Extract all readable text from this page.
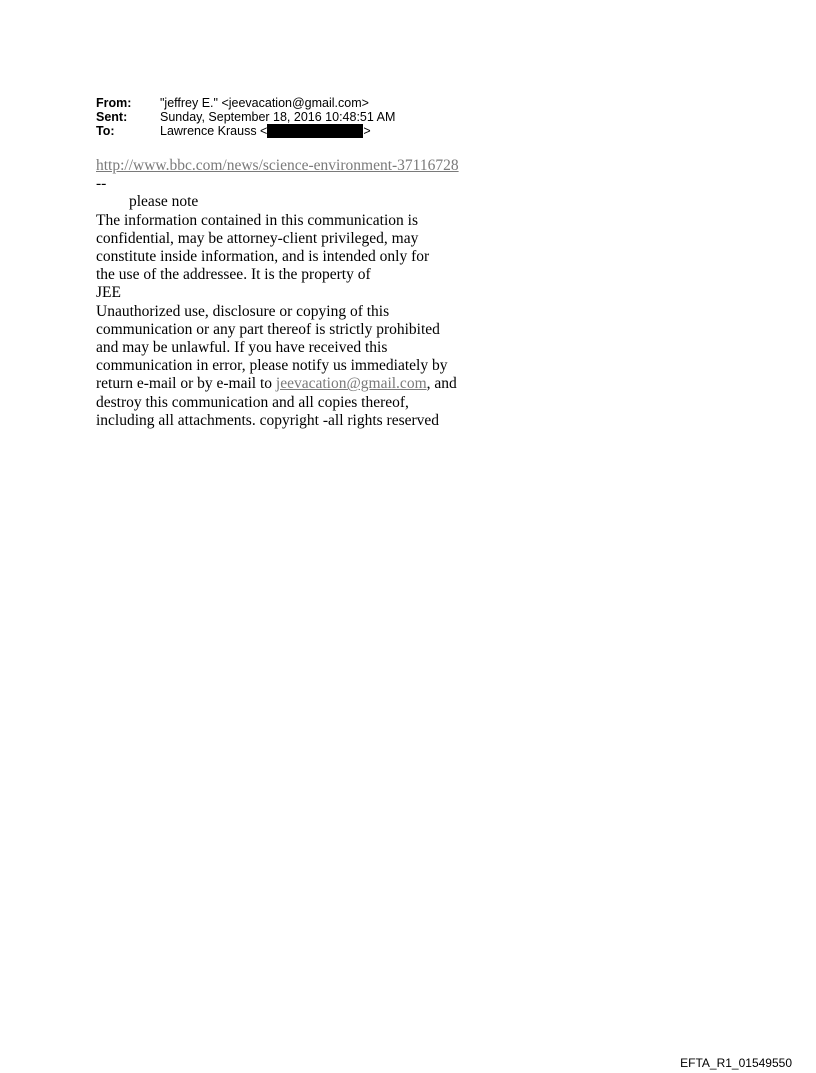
From:	"jeffrey E." <jeevacation@gmail.com>
Sent:	Sunday, September 18, 2016 10:48:51 AM
To:	Lawrence Krauss <	>
http://www.bbc.com/news/science-environment-37116728
--
please note
The information contained in this communication is
confidential, may be attorney-client privileged, may
constitute inside information, and is intended only for
the use of the addressee. It is the property of
JEE
Unauthorized use, disclosure or copying of this
communication or any part thereof is strictly prohibited
and may be unlawful. If you have received this
communication in error, please notify us immediately by
return e-mail or by e-mail to jeevacation@gmail.com, and
destroy this communication and all copies thereof,
including all attachments. copyright -all rights reserved
EFTA_R1_01549550
